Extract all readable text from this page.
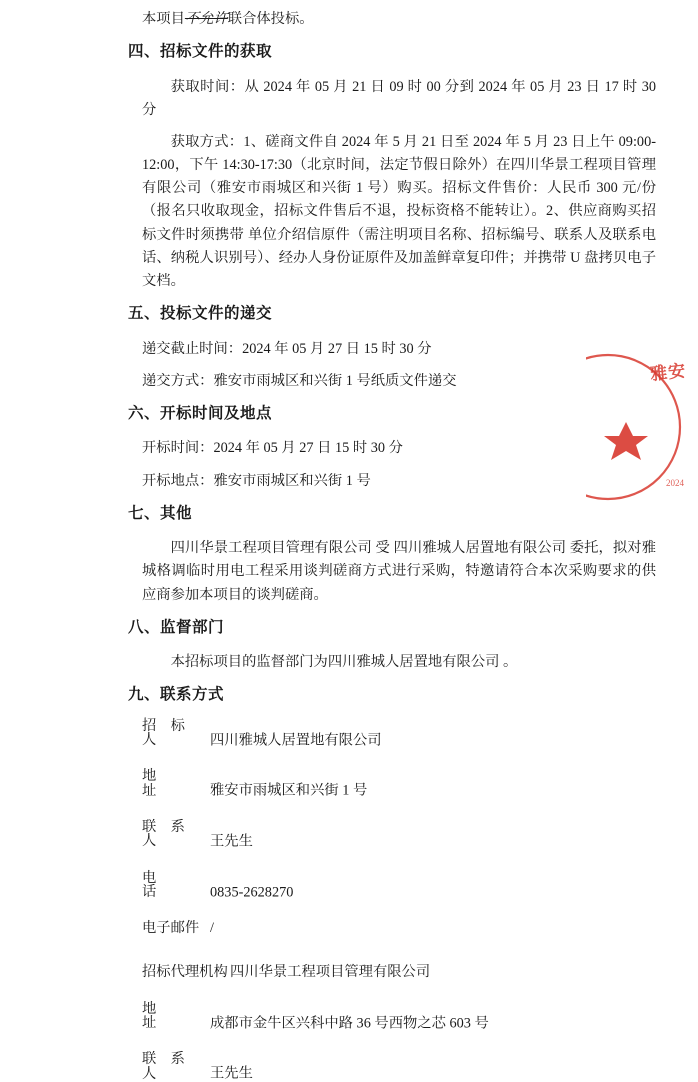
本项目不允许联合体投标。
四、招标文件的获取
获取时间：从 2024 年 05 月 21 日 09 时 00 分到 2024 年 05 月 23 日 17 时 30 分
获取方式：1、磋商文件自 2024 年 5 月 21 日至 2024 年 5 月 23 日上午 09:00-12:00，下午 14:30-17:30（北京时间，法定节假日除外）在四川华景工程项目管理有限公司（雅安市雨城区和兴街 1 号）购买。招标文件售价：人民币 300 元/份（报名只收取现金，招标文件售后不退，投标资格不能转让）。2、供应商购买招标文件时须携带 单位介绍信原件（需注明项目名称、招标编号、联系人及联系电话、纳税人识别号）、经办人身份证原件及加盖鲜章复印件；并携带 U 盘拷贝电子文档。
五、投标文件的递交
递交截止时间：2024 年 05 月 27 日 15 时 30 分
递交方式：雅安市雨城区和兴街 1 号纸质文件递交
六、开标时间及地点
开标时间：2024 年 05 月 27 日 15 时 30 分
开标地点：雅安市雨城区和兴街 1 号
七、其他
四川华景工程项目管理有限公司 受 四川雅城人居置地有限公司 委托，拟对雅城格调临时用电工程采用谈判磋商方式进行采购，特邀请符合本次采购要求的供应商参加本项目的谈判磋商。
八、监督部门
本招标项目的监督部门为四川雅城人居置地有限公司 。
九、联系方式
招　标　人	四川雅城人居置地有限公司
地　　　址	雅安市雨城区和兴街 1 号
联　系　人	王先生
电　　　话	0835-2628270
电子邮件 /
招标代理机构 四川华景工程项目管理有限公司
地　　　址	成都市金牛区兴科中路 36 号西物之芯 603 号
联　系　人	王先生
雅安
2024
